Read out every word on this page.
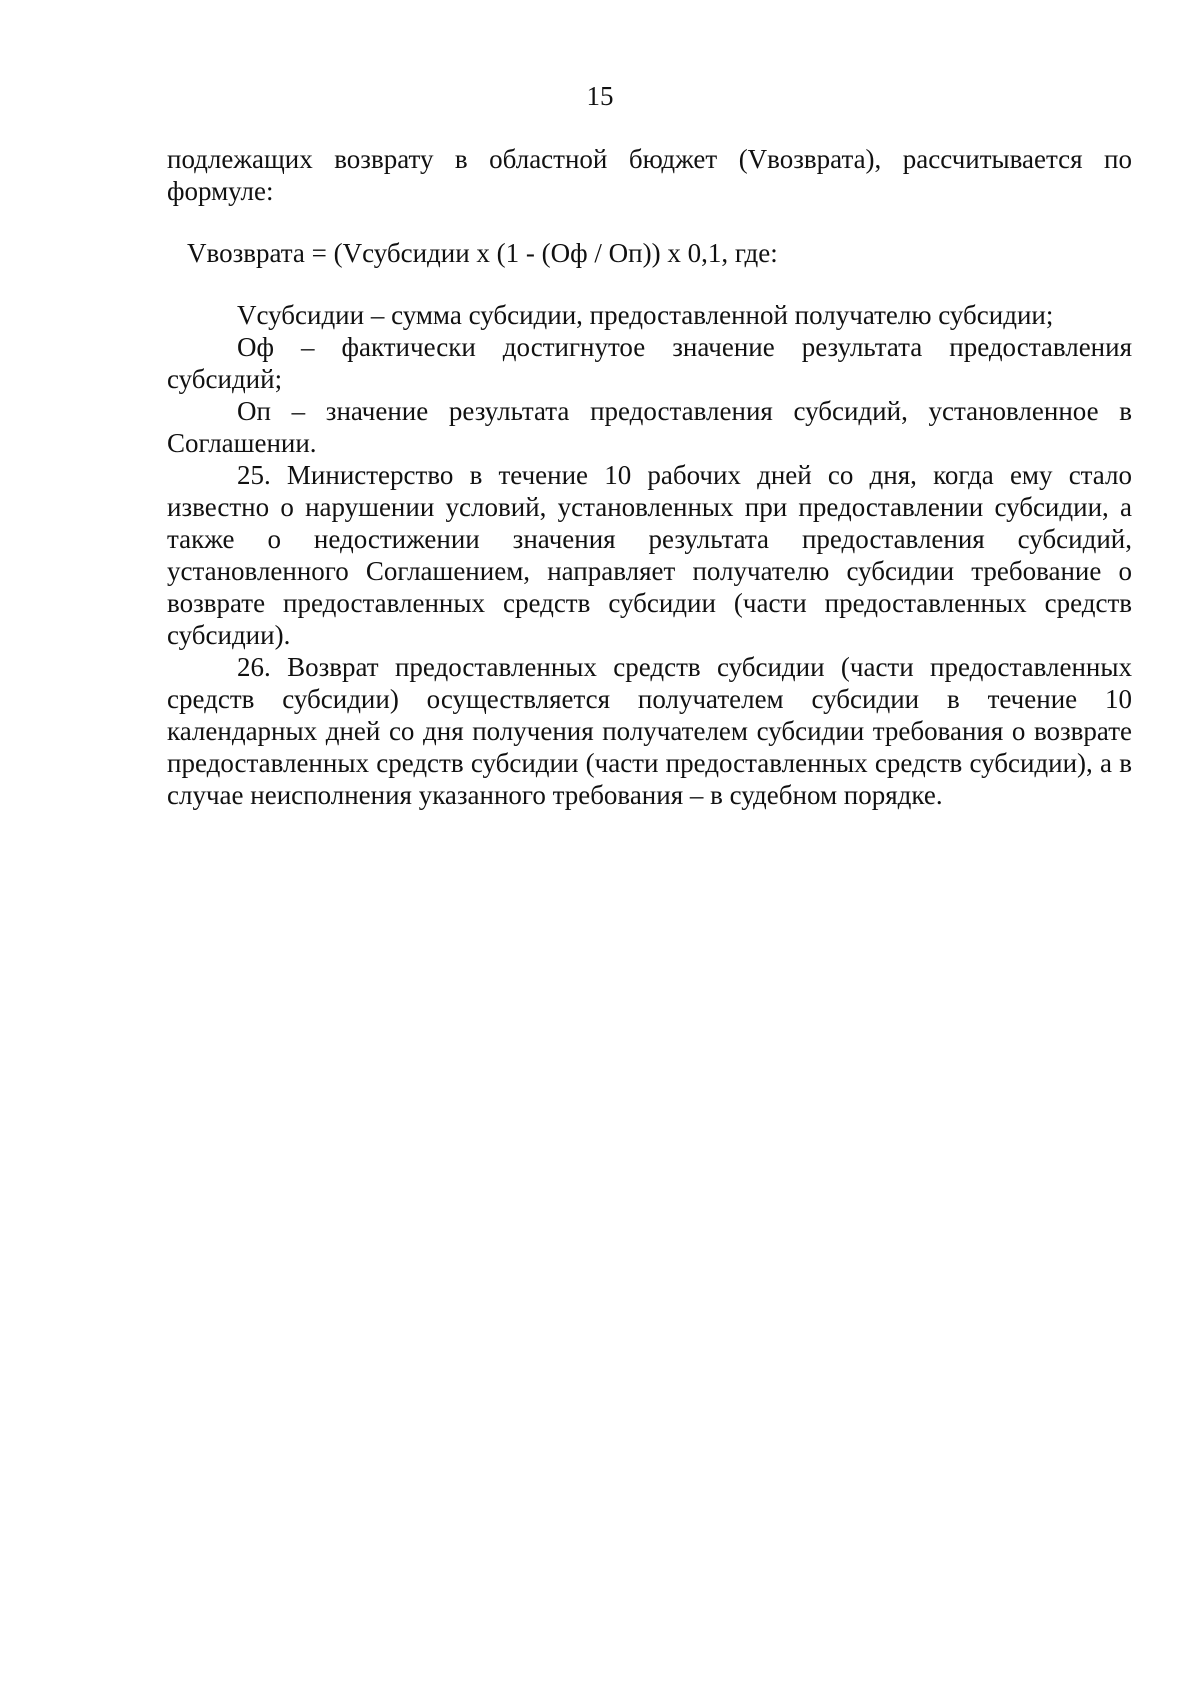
15

подлежащих возврату в областной бюджет (Vвозврата), рассчитывается по формуле:

Vвозврата = (Vсубсидии x (1 - (Оф / Оп)) x 0,1, где:

Vсубсидии – сумма субсидии, предоставленной получателю субсидии;

Оф – фактически достигнутое значение результата предоставления субсидий;

Оп – значение результата предоставления субсидий, установленное в Соглашении.

25. Министерство в течение 10 рабочих дней со дня, когда ему стало известно о нарушении условий, установленных при предоставлении субсидии, а также о недостижении значения результата предоставления субсидий, установленного Соглашением, направляет получателю субсидии требование о возврате предоставленных средств субсидии (части предоставленных средств субсидии).

26. Возврат предоставленных средств субсидии (части предоставленных средств субсидии) осуществляется получателем субсидии в течение 10 календарных дней со дня получения получателем субсидии требования о возврате предоставленных средств субсидии (части предоставленных средств субсидии), а в случае неисполнения указанного требования – в судебном порядке.
